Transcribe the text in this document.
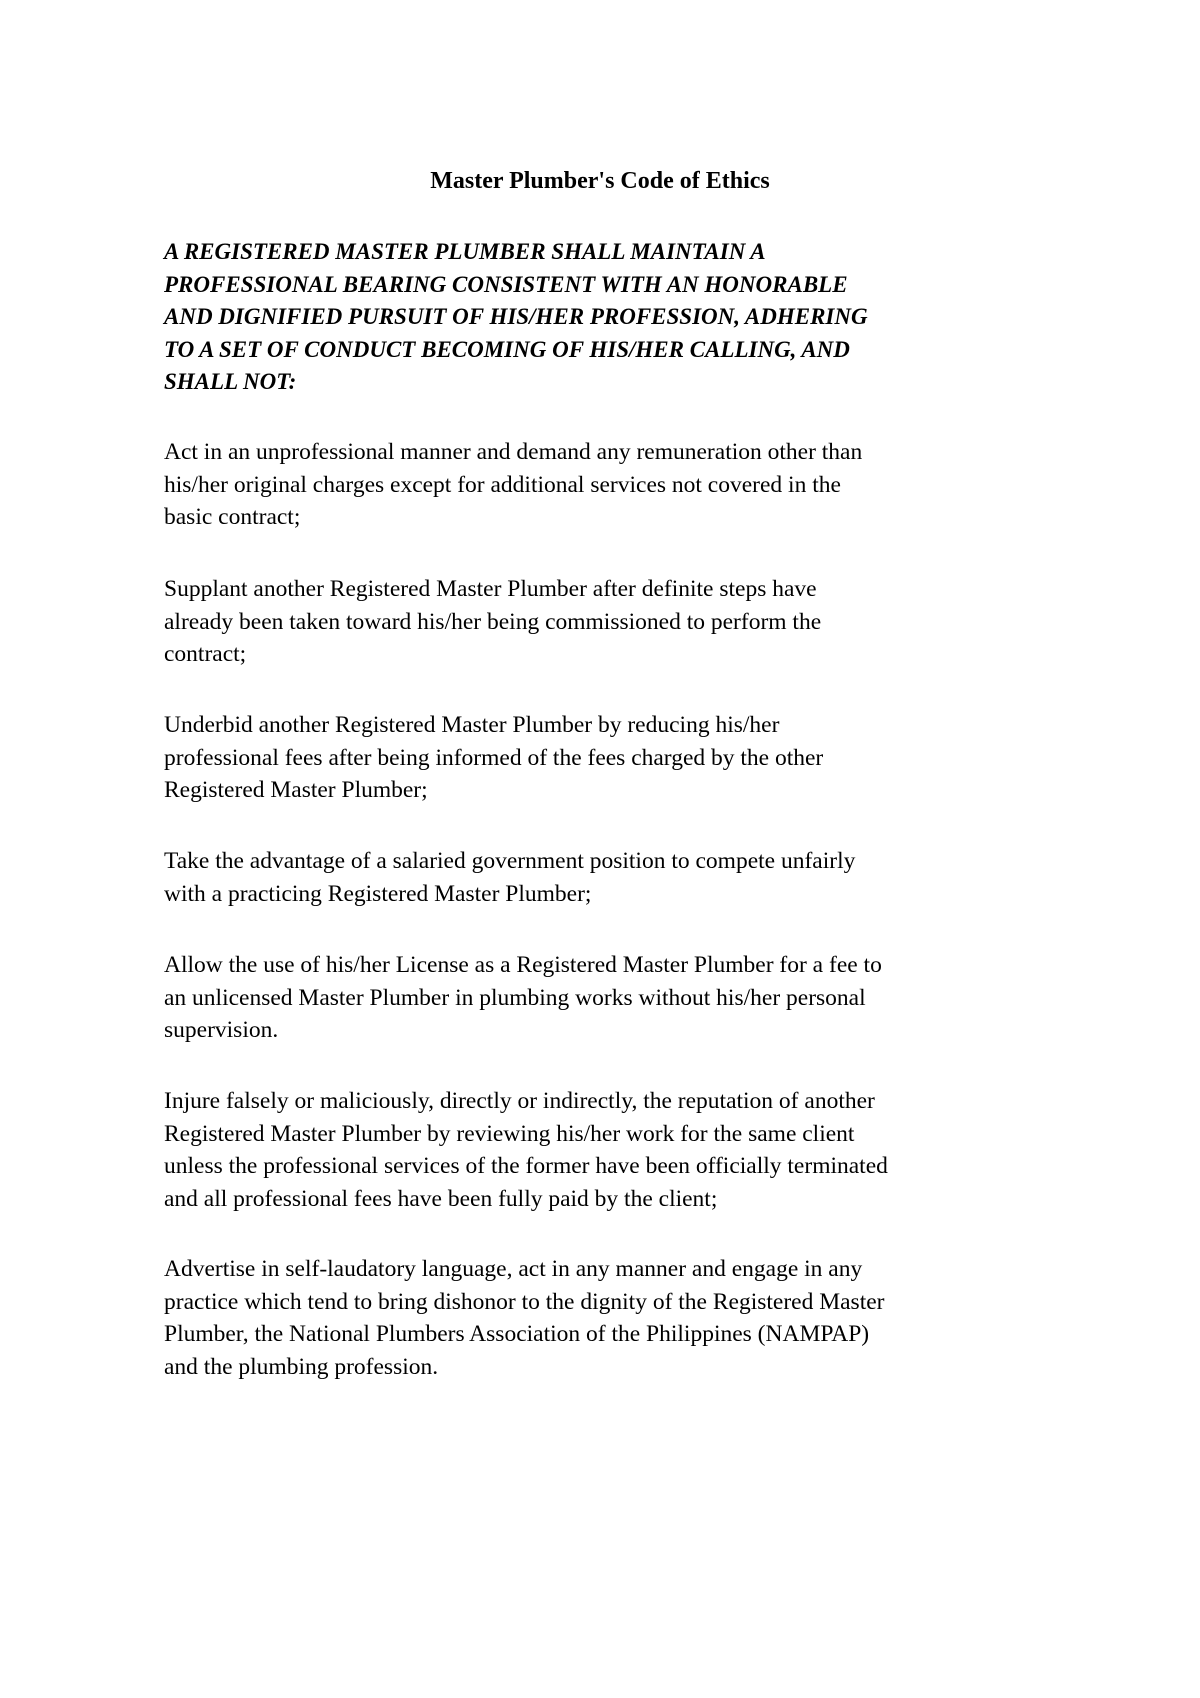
Master Plumber's Code of Ethics

A REGISTERED MASTER PLUMBER SHALL MAINTAIN A
PROFESSIONAL BEARING CONSISTENT WITH AN HONORABLE
AND DIGNIFIED PURSUIT OF HIS/HER PROFESSION, ADHERING
TO A SET OF CONDUCT BECOMING OF HIS/HER CALLING, AND
SHALL NOT:

Act in an unprofessional manner and demand any remuneration other than
his/her original charges except for additional services not covered in the
basic contract;

Supplant another Registered Master Plumber after definite steps have
already been taken toward his/her being commissioned to perform the
contract;

Underbid another Registered Master Plumber by reducing his/her
professional fees after being informed of the fees charged by the other
Registered Master Plumber;

Take the advantage of a salaried government position to compete unfairly
with a practicing Registered Master Plumber;

Allow the use of his/her License as a Registered Master Plumber for a fee to
an unlicensed Master Plumber in plumbing works without his/her personal
supervision.

Injure falsely or maliciously, directly or indirectly, the reputation of another
Registered Master Plumber by reviewing his/her work for the same client
unless the professional services of the former have been officially terminated
and all professional fees have been fully paid by the client;

Advertise in self-laudatory language, act in any manner and engage in any
practice which tend to bring dishonor to the dignity of the Registered Master
Plumber, the National Plumbers Association of the Philippines (NAMPAP)
and the plumbing profession.
